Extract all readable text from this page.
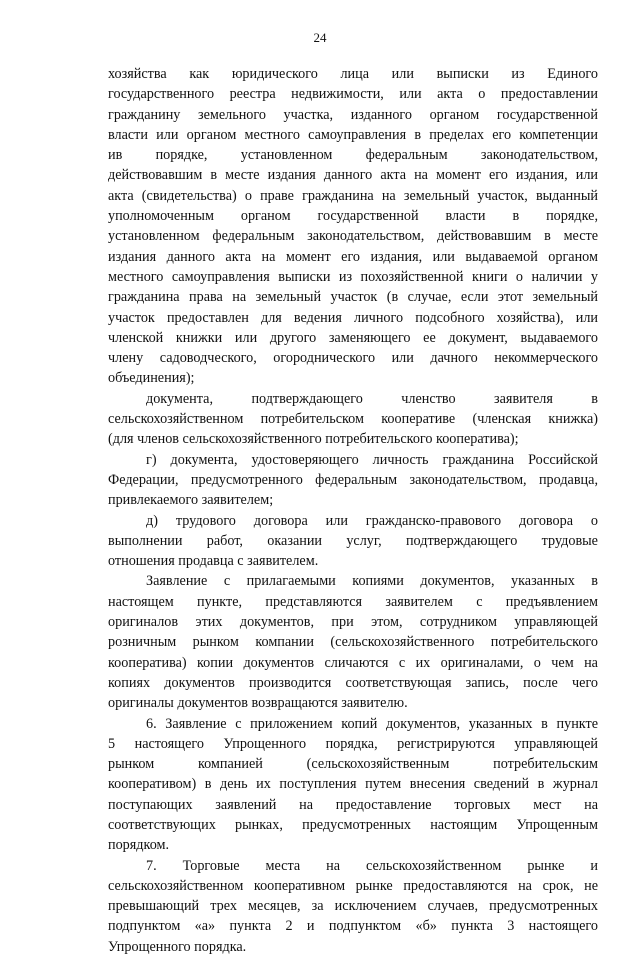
24
хозяйства как юридического лица или выписки из Единого
государственного реестра недвижимости, или акта о предоставлении
гражданину земельного участка, изданного органом государственной
власти или органом местного самоуправления в пределах его компетенции
ив порядке, установленном федеральным законодательством,
действовавшим в месте издания данного акта на момент его издания, или
акта (свидетельства) о праве гражданина на земельный участок, выданный
уполномоченным органом государственной власти в порядке,
установленном федеральным законодательством, действовавшим в месте
издания данного акта на момент его издания, или выдаваемой органом
местного самоуправления выписки из похозяйственной книги о наличии у
гражданина права на земельный участок (в случае, если этот земельный
участок предоставлен для ведения личного подсобного хозяйства), или
членской книжки или другого заменяющего ее документ, выдаваемого
члену садоводческого, огороднического или дачного некоммерческого
объединения);
документа, подтверждающего членство заявителя в
сельскохозяйственном потребительском кооперативе (членская книжка)
(для членов сельскохозяйственного потребительского кооператива);
г) документа, удостоверяющего личность гражданина Российской
Федерации, предусмотренного федеральным законодательством, продавца,
привлекаемого заявителем;
д) трудового договора или гражданско-правового договора о
выполнении работ, оказании услуг, подтверждающего трудовые
отношения продавца с заявителем.
Заявление с прилагаемыми копиями документов, указанных в
настоящем пункте, представляются заявителем с предъявлением
оригиналов этих документов, при этом, сотрудником управляющей
розничным рынком компании (сельскохозяйственного потребительского
кооператива) копии документов сличаются с их оригиналами, о чем на
копиях документов производится соответствующая запись, после чего
оригиналы документов возвращаются заявителю.
6. Заявление с приложением копий документов, указанных в пункте
5 настоящего Упрощенного порядка, регистрируются управляющей
рынком компанией (сельскохозяйственным потребительским
кооперативом) в день их поступления путем внесения сведений в журнал
поступающих заявлений на предоставление торговых мест на
соответствующих рынках, предусмотренных настоящим Упрощенным
порядком.
7. Торговые места на сельскохозяйственном рынке и
сельскохозяйственном кооперативном рынке предоставляются на срок, не
превышающий трех месяцев, за исключением случаев, предусмотренных
подпунктом «а» пункта 2 и подпунктом «б» пункта 3 настоящего
Упрощенного порядка.
